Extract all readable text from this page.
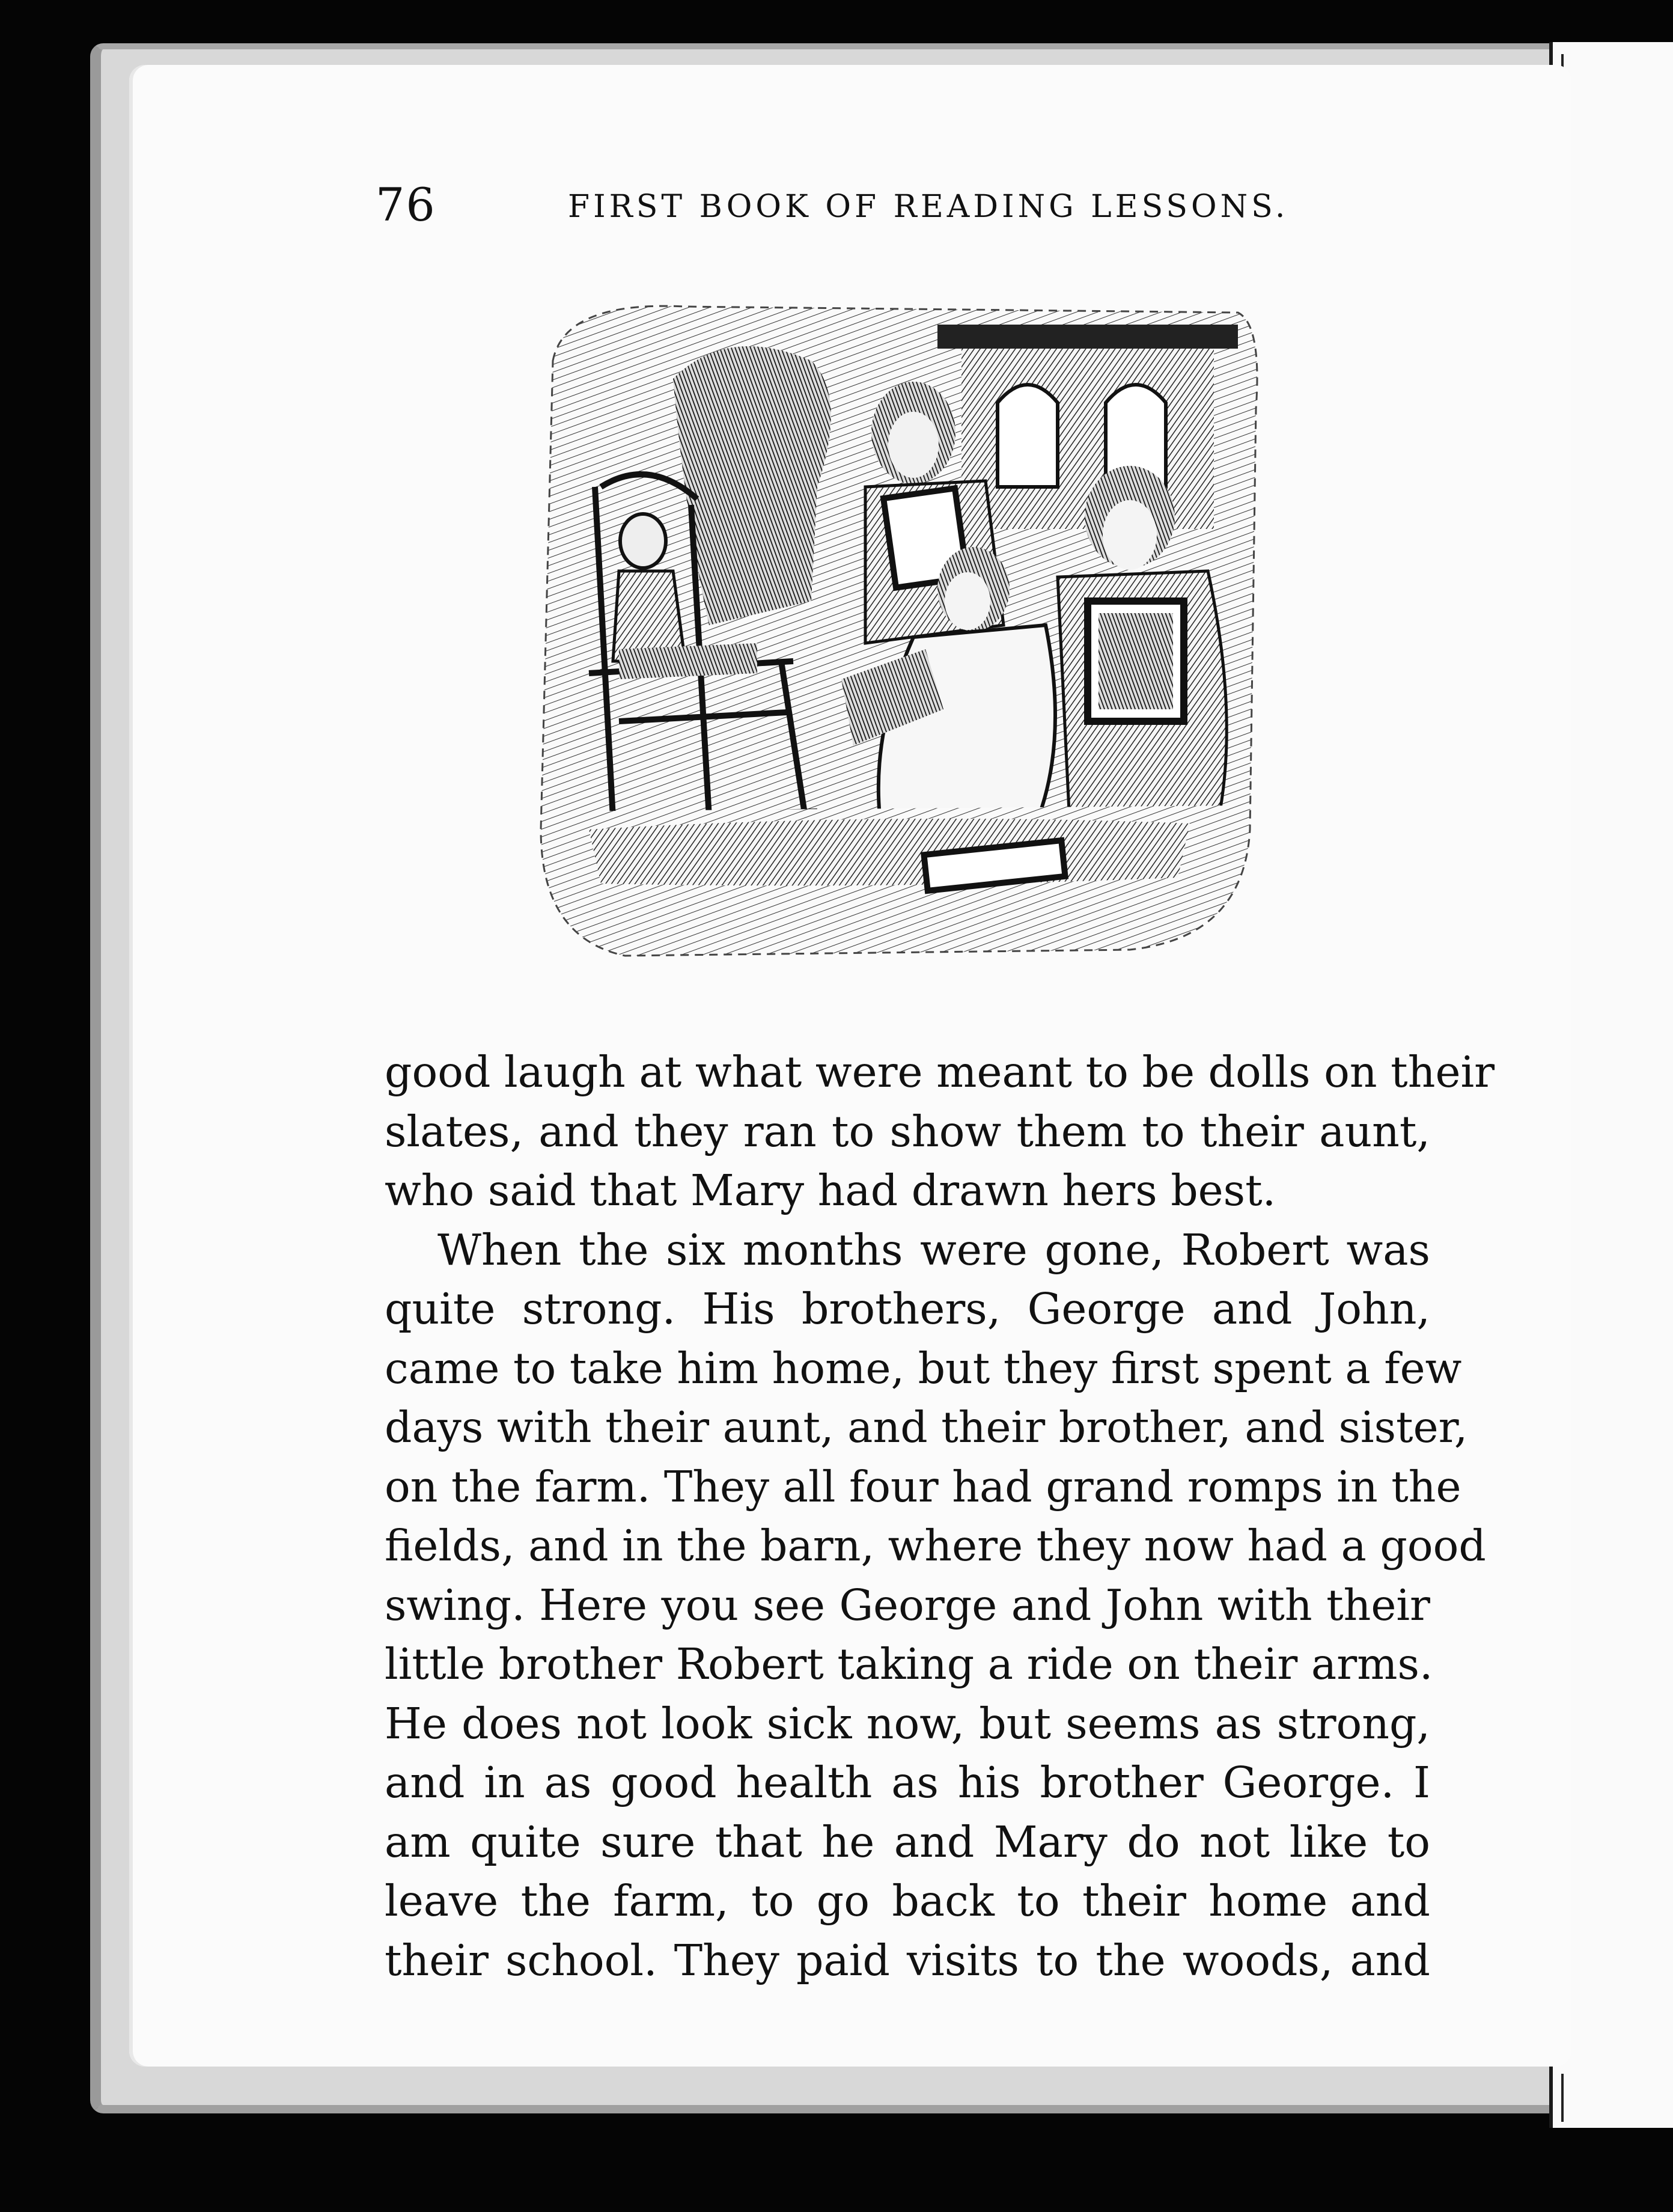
76	FIRST BOOK OF READING LESSONS.
good laugh at what were meant to be dolls on their
slates, and they ran to show them to their aunt,
who said that Mary had drawn hers best.
When the six months were gone, Robert was
quite strong. His brothers, George and John,
came to take him home, but they first spent a few
days with their aunt, and their brother, and sister,
on the farm. They all four had grand romps in the
fields, and in the barn, where they now had a good
swing. Here you see George and John with their
little brother Robert taking a ride on their arms.
He does not look sick now, but seems as strong,
and in as good health as his brother George. I
am quite sure that he and Mary do not like to
leave the farm, to go back to their home and
their school. They paid visits to the woods, and
